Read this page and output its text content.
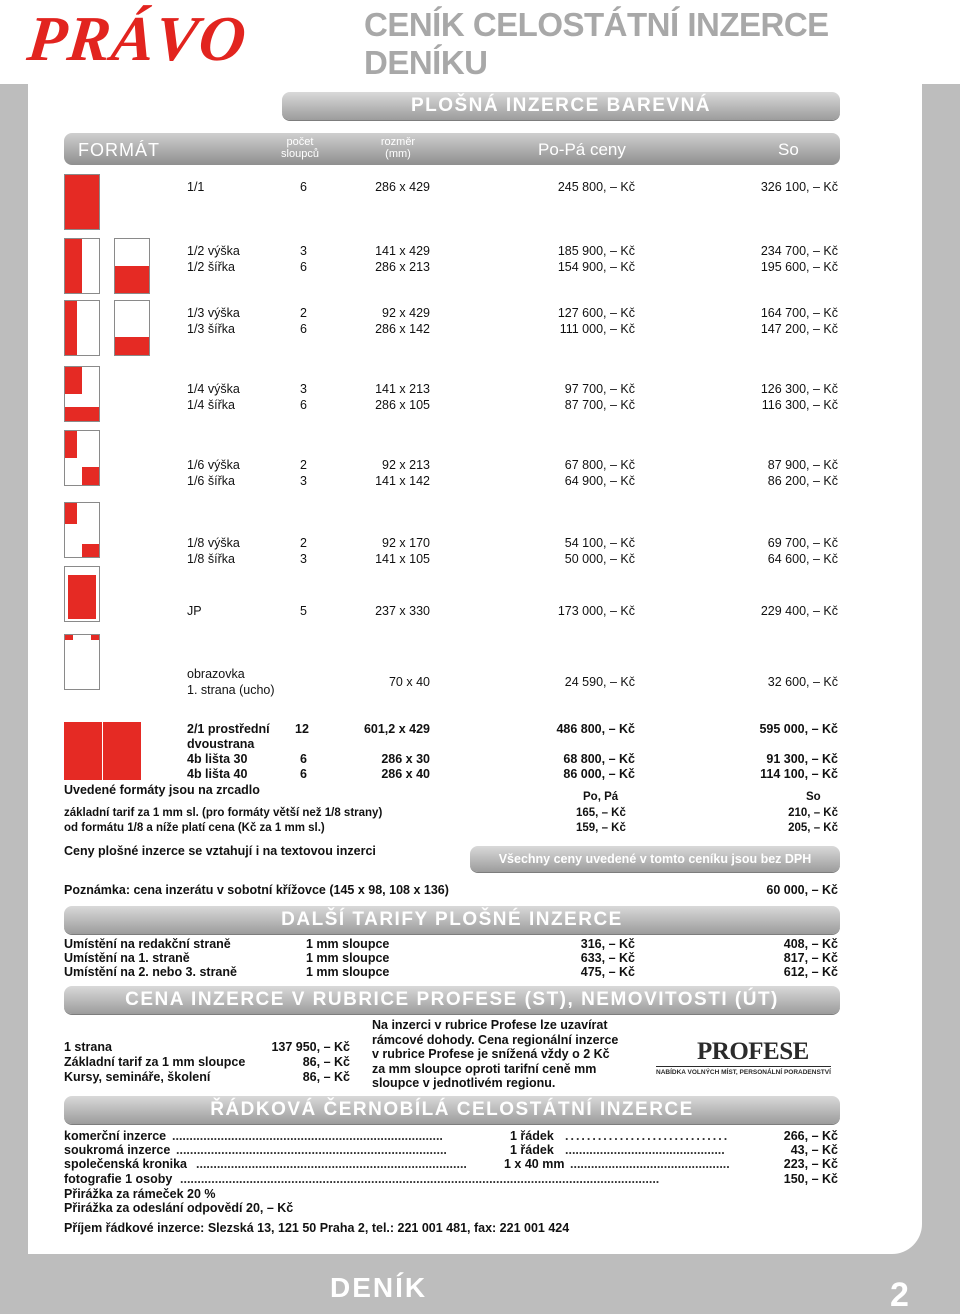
PRÁVO	CENÍK CELOSTÁTNÍ INZERCE DENÍKU
PLOŠNÁ INZERCE BAREVNÁ
FORMÁT	počet
sloupců
rozměr
(mm)	Po-Pá ceny	So
1/1	6	286 x 429	245 800, – Kč	326 100, – Kč
1/2 výška	3	141 x 429	185 900, – Kč	234 700, – Kč
1/2 šířka	6	286 x 213	154 900, – Kč	195 600, – Kč
1/3 výška	2	92 x 429	127 600, – Kč	164 700, – Kč
1/3 šířka	6	286 x 142	111 000, – Kč	147 200, – Kč
1/4 výška	3	141 x 213	97 700, – Kč	126 300, – Kč
1/4 šířka	6	286 x 105	87 700, – Kč	116 300, – Kč
1/6 výška	2	92 x 213	67 800, – Kč	87 900, – Kč
1/6 šířka	3	141 x 142	64 900, – Kč	86 200, – Kč
1/8 výška	2	92 x 170	54 100, – Kč	69 700, – Kč
1/8 šířka	3	141 x 105	50 000, – Kč	64 600, – Kč
JP	5	237 x 330	173 000, – Kč	229 400, – Kč
obrazovka
1. strana (ucho)
70 x 40	24 590, – Kč	32 600, – Kč
2/1 prostřední 12	601,2 x 429	486 800, – Kč	595 000, – Kč
dvoustrana
4b lišta 30	6	286 x 30	68 800, – Kč	91 300, – Kč
4b lišta 40	6	286 x 40	86 000, – Kč	114 100, – Kč
Uvedené formáty jsou na zrcadlo	Po, Pá	So
základní tarif za 1 mm sl. (pro formáty větší než 1/8 strany)	165, – Kč	210, – Kč
od formátu 1/8 a níže platí cena (Kč za 1 mm sl.)	159, – Kč	205, – Kč
Ceny plošné inzerce se vztahují i na textovou inzerci
Všechny ceny uvedené v tomto ceníku jsou bez DPH
Poznámka: cena inzerátu v sobotní křížovce (145 x 98, 108 x 136)	60 000, – Kč
DALŠÍ TARIFY PLOŠNÉ INZERCE
Umístění na redakční straně	1 mm sloupce	316, – Kč	408, – Kč
Umístění na 1. straně	1 mm sloupce	633, – Kč	817, – Kč
Umístění na 2. nebo 3. straně	1 mm sloupce	475, – Kč	612, – Kč
CENA INZERCE V RUBRICE PROFESE (ST), NEMOVITOSTI (ÚT)
1 strana	137 950, – Kč
Základní tarif za 1 mm sloupce	86, – Kč
Kursy, semináře, školení	86, – Kč
Na inzerci v rubrice Profese lze uzavírat
rámcové dohody. Cena regionální inzerce
v rubrice Profese je snížená vždy o 2 Kč
za mm sloupce oproti tarifní ceně mm
sloupce v jednotlivém regionu.
PROFESE
NABÍDKA VOLNÝCH MÍST, PERSONÁLNÍ PORADENSTVÍ
ŘÁDKOVÁ ČERNOBÍLÁ CELOSTÁTNÍ INZERCE
komerční inzerce ..............................................................................	1 řádek ..............................	266, – Kč
soukromá inzerce ..............................................................................	1 řádek ..............................................	43, – Kč
společenská kronika ..............................................................................	1 x 40 mm ..............................................	223, – Kč
fotografie 1 osoby ..........................................................................................................................................	150, – Kč
Přirážka za rámeček 20 %
Přirážka za odeslání odpovědí 20, – Kč
Příjem řádkové inzerce: Slezská 13, 121 50 Praha 2, tel.: 221 001 481, fax: 221 001 424
DENÍK	2
